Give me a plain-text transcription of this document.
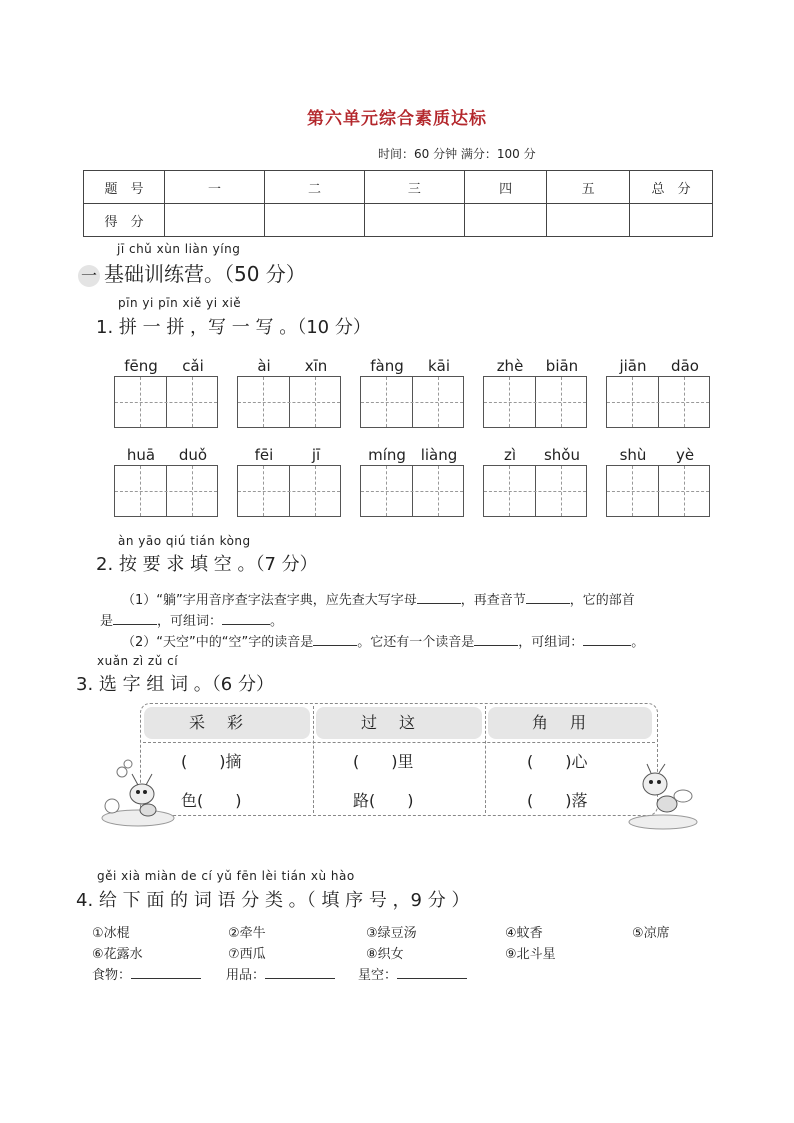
第六单元综合素质达标
时间：60 分钟 满分：100 分
题　号	一	二	三	四	五	总　分
得　分						
jī chǔ xùn liàn yíng
一 基础训练营。（50 分）
pīn yi pīn xiě yi xiě
1. 拼 一 拼 ，写 一 写 。（10 分）
fēng	cǎi	ài	xīn	fàng	kāi	zhè	biān	jiān	dāo
huā	duǒ	fēi	jī	míng liàng	zì	shǒu	shù	yè
àn yāo qiú tián kòng
2. 按 要 求 填 空 。（7 分）
（1）“躺”字用音序查字法查字典，应先查大写字母	，再查音节	，它的部首
是	，可组词：	。
（2）“天空”中的“空”字的读音是	。它还有一个读音是	，可组词：	。
xuǎn zì zǔ cí
3. 选 字 组 词 。（6 分）
采彩	过这	角用
(　　)摘	(　　)里	(　　)心
色(　　)	路(　　)	(　　)落
gěi xià miàn de cí yǔ fēn lèi tián xù hào
4. 给 下 面 的 词 语 分 类 。（ 填 序 号 ，9 分 ）
①冰棍	②牵牛	③绿豆汤	④蚊香	⑤凉席
⑥花露水	⑦西瓜	⑧织女	⑨北斗星
食物：	用品：	星空：
